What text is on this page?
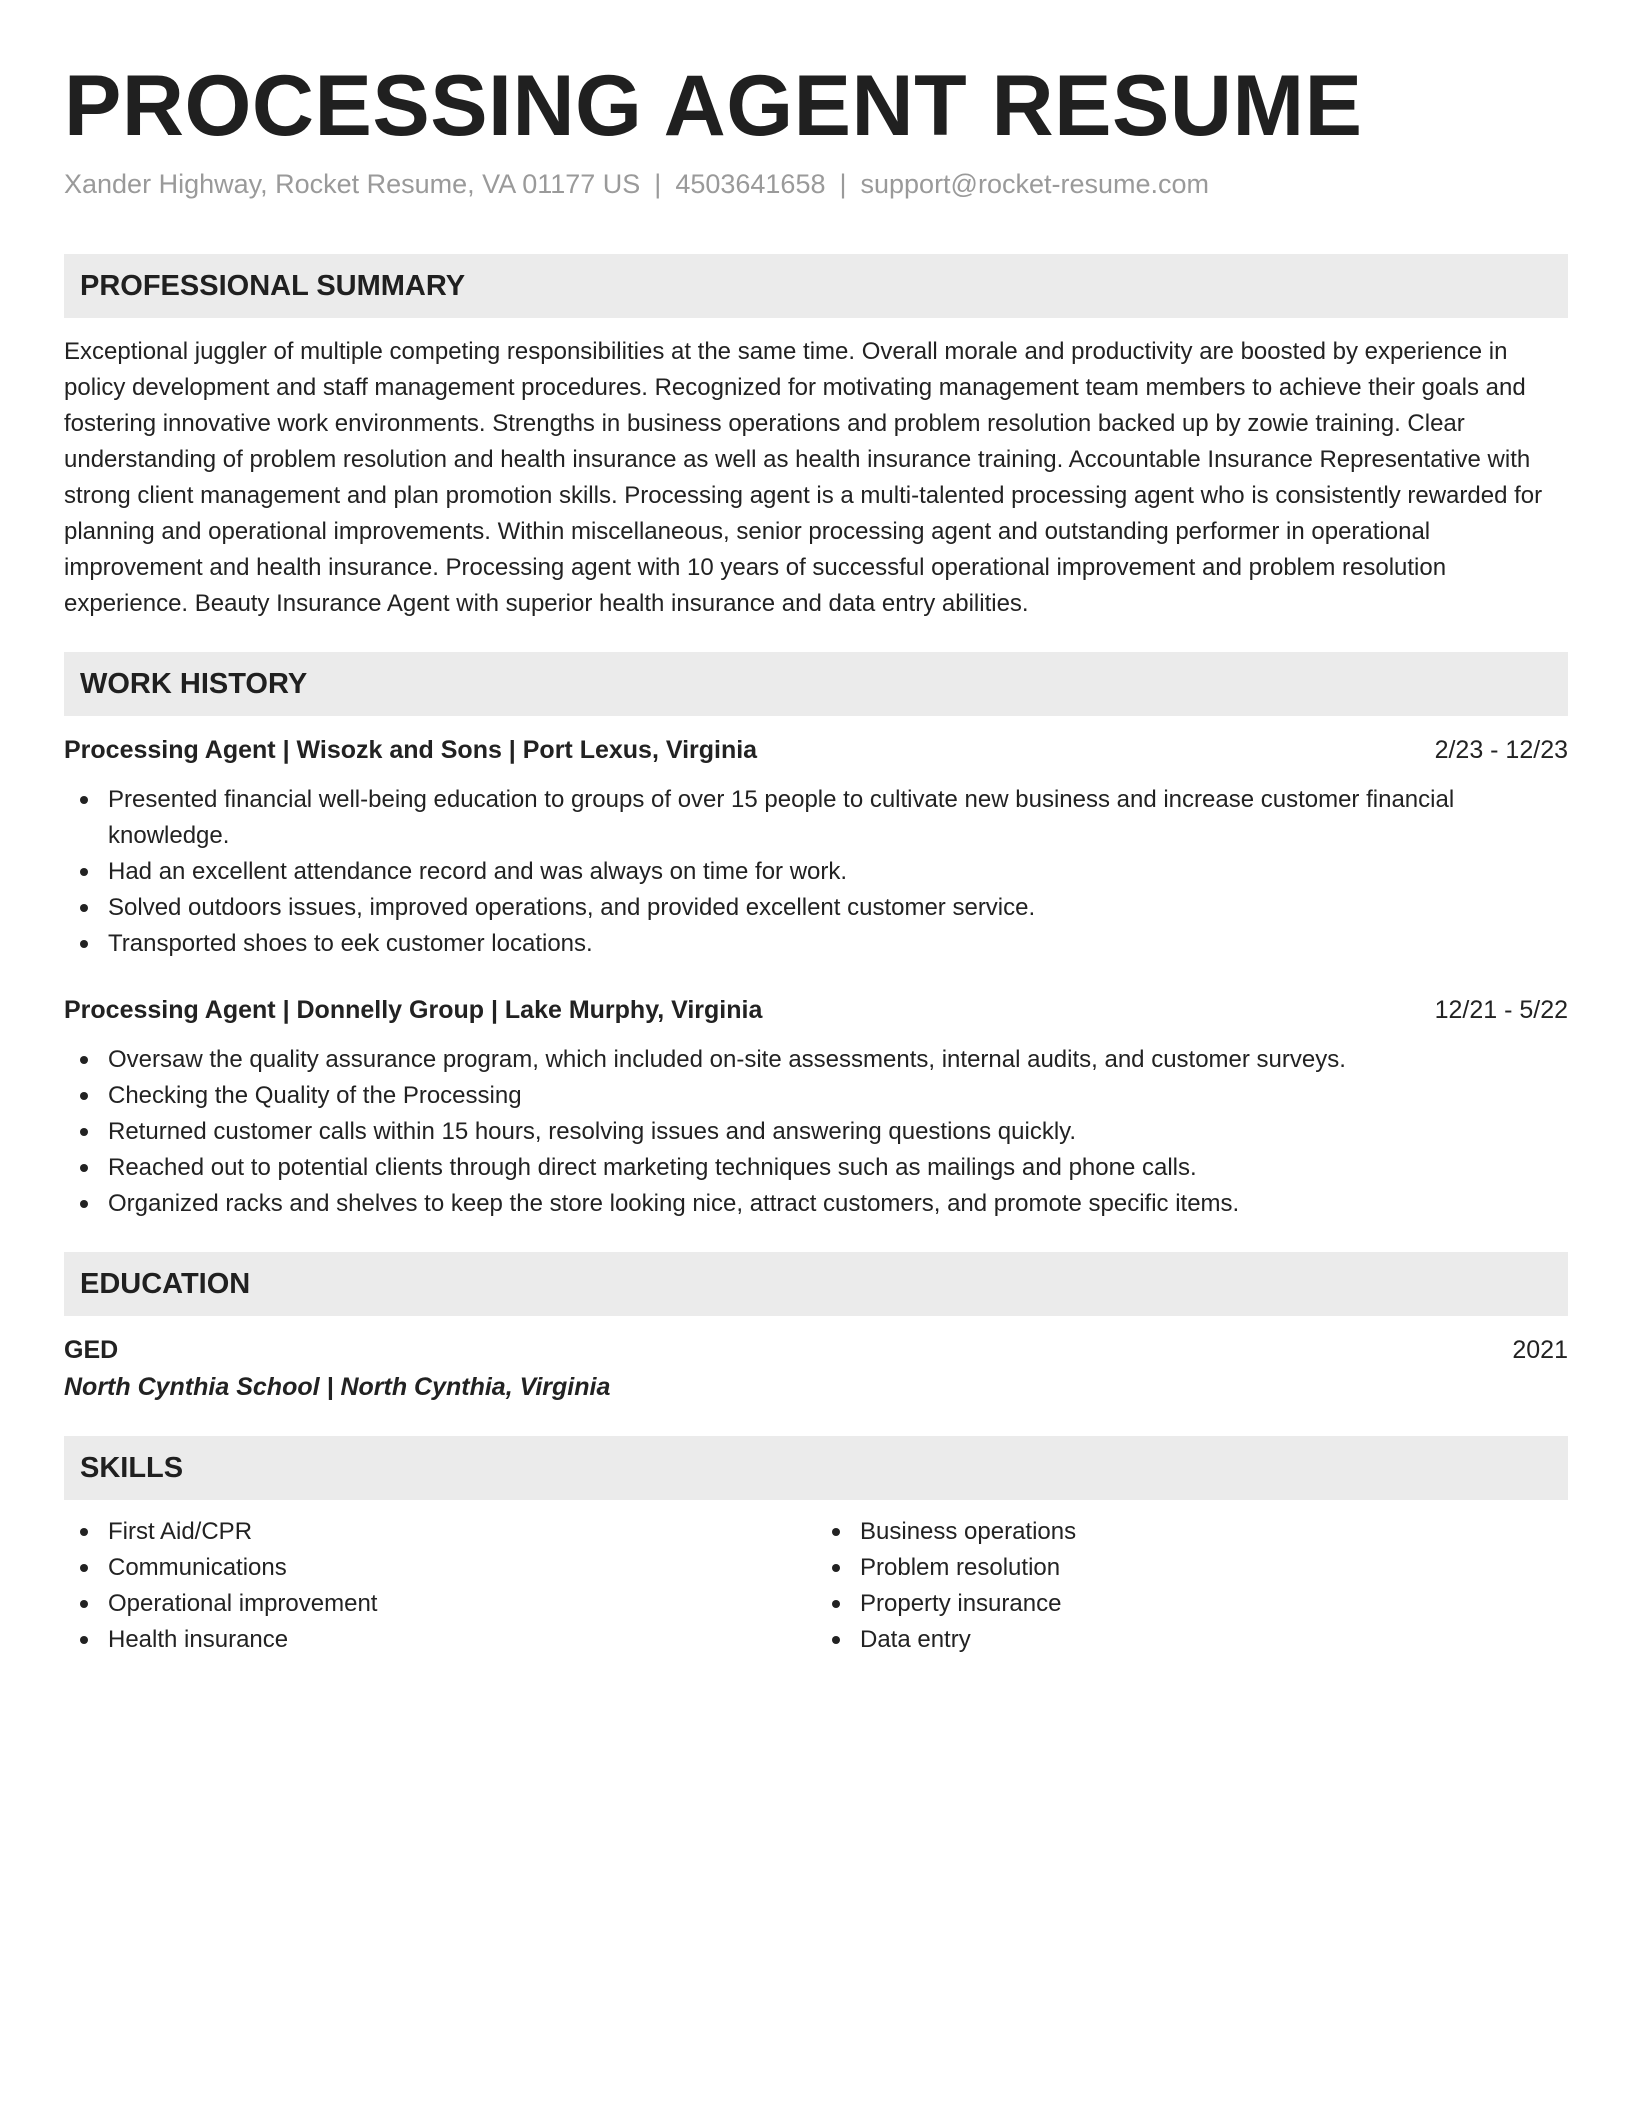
PROCESSING AGENT RESUME
Xander Highway, Rocket Resume, VA 01177 US | 4503641658 | support@rocket-resume.com
PROFESSIONAL SUMMARY
Exceptional juggler of multiple competing responsibilities at the same time. Overall morale and productivity are boosted by experience in policy development and staff management procedures. Recognized for motivating management team members to achieve their goals and fostering innovative work environments. Strengths in business operations and problem resolution backed up by zowie training. Clear understanding of problem resolution and health insurance as well as health insurance training. Accountable Insurance Representative with strong client management and plan promotion skills. Processing agent is a multi-talented processing agent who is consistently rewarded for planning and operational improvements. Within miscellaneous, senior processing agent and outstanding performer in operational improvement and health insurance. Processing agent with 10 years of successful operational improvement and problem resolution experience. Beauty Insurance Agent with superior health insurance and data entry abilities.
WORK HISTORY
Processing Agent | Wisozk and Sons | Port Lexus, Virginia	2/23 - 12/23
Presented financial well-being education to groups of over 15 people to cultivate new business and increase customer financial knowledge.
Had an excellent attendance record and was always on time for work.
Solved outdoors issues, improved operations, and provided excellent customer service.
Transported shoes to eek customer locations.
Processing Agent | Donnelly Group | Lake Murphy, Virginia	12/21 - 5/22
Oversaw the quality assurance program, which included on-site assessments, internal audits, and customer surveys.
Checking the Quality of the Processing
Returned customer calls within 15 hours, resolving issues and answering questions quickly.
Reached out to potential clients through direct marketing techniques such as mailings and phone calls.
Organized racks and shelves to keep the store looking nice, attract customers, and promote specific items.
EDUCATION
GED	2021
North Cynthia School | North Cynthia, Virginia
SKILLS
First Aid/CPR
Communications
Operational improvement
Health insurance
Business operations
Problem resolution
Property insurance
Data entry
